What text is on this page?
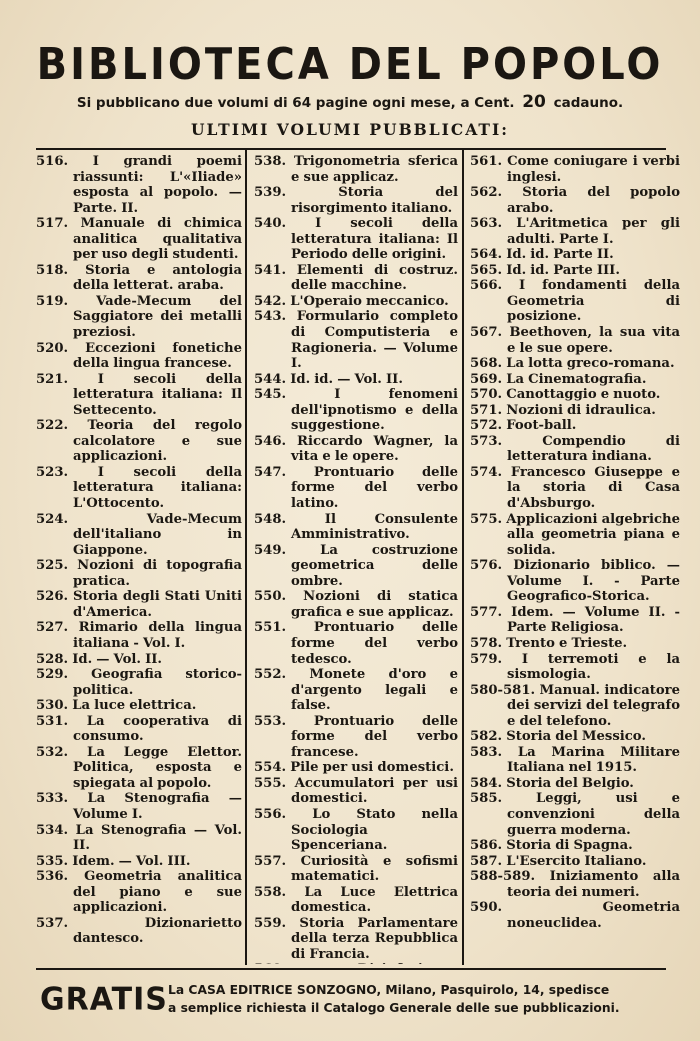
BIBLIOTECA DEL POPOLO
Si pubblicano due volumi di 64 pagine ogni mese, a Cent. 20 cadauno.
ULTIMI VOLUMI PUBBLICATI:

516. I grandi poemi riassunti: L'«Iliade» esposta al popolo. — Parte. II.

517. Manuale di chimica analitica qualitativa per uso degli studenti.

518. Storia e antologia della letterat. araba.

519. Vade-Mecum del Saggiatore dei metalli preziosi.

520. Eccezioni fonetiche della lingua francese.

521. I secoli della letteratura italiana: Il Settecento.

522. Teoria del regolo calcolatore e sue applicazioni.

523. I secoli della letteratura italiana: L'Ottocento.

524. Vade-Mecum dell'italiano in Giappone.

525. Nozioni di topografia pratica.

526. Storia degli Stati Uniti d'America.

527. Rimario della lingua italiana - Vol. I.

528. Id. — Vol. II.

529. Geografia storico-politica.

530. La luce elettrica.

531. La cooperativa di consumo.

532. La Legge Elettor. Politica, esposta e spiegata al popolo.

533. La Stenografia — Volume I.

534. La Stenografia — Vol. II.

535. Idem. — Vol. III.

536. Geometria analitica del piano e sue applicazioni.

537. Dizionarietto dantesco.

538. Trigonometria sferica e sue applicaz.

539. Storia del risorgimento italiano.

540. I secoli della letteratura italiana: Il Periodo delle origini.

541. Elementi di costruz. delle macchine.

542. L'Operaio meccanico.

543. Formulario completo di Computisteria e Ragioneria. — Volume I.

544. Id. id. — Vol. II.

545. I fenomeni dell'ipnotismo e della suggestione.

546. Riccardo Wagner, la vita e le opere.

547. Prontuario delle forme del verbo latino.

548. Il Consulente Amministrativo.

549. La costruzione geometrica delle ombre.

550. Nozioni di statica grafica e sue applicaz.

551. Prontuario delle forme del verbo tedesco.

552. Monete d'oro e d'argento legali e false.

553. Prontuario delle forme del verbo francese.

554. Pile per usi domestici.

555. Accumulatori per usi domestici.

556. Lo Stato nella Sociologia Spenceriana.

557. Curiosità e sofismi matematici.

558. La Luce Elettrica domestica.

559. Storia Parlamentare della terza Repubblica di Francia.

561. Come coniugare i verbi inglesi.

562. Storia del popolo arabo.

563. L'Aritmetica per gli adulti. Parte I.

564. Id. id. Parte II.

565. Id. id. Parte III.

566. I fondamenti della Geometria di posizione.

567. Beethoven, la sua vita e le sue opere.

568. La lotta greco-romana.

569. La Cinematografia.

570. Canottaggio e nuoto.

571. Nozioni di idraulica.

572. Foot-ball.

573. Compendio di letteratura indiana.

574. Francesco Giuseppe e la storia di Casa d'Absburgo.

575. Applicazioni algebriche alla geometria piana e solida.

576. Dizionario biblico. — Volume I. - Parte Geografico-Storica.

577. Idem. — Volume II. - Parte Religiosa.

578. Trento e Trieste.

579. I terremoti e la sismologia.

580-581. Manual. indicatore dei servizi del telegrafo e del telefono.

582. Storia del Messico.

583. La Marina Militare Italiana nel 1915.

584. Storia del Belgio.

585. Leggi, usi e convenzioni della guerra moderna.

586. Storia di Spagna.

587. L'Esercito Italiano.

588-589. Iniziamento alla teoria dei numeri.

590. Geometria noneuclidea.

GRATIS La CASA EDITRICE SONZOGNO, Milano, Pasquirolo, 14, spedisce
a semplice richiesta il Catalogo Generale delle sue pubblicazioni.
